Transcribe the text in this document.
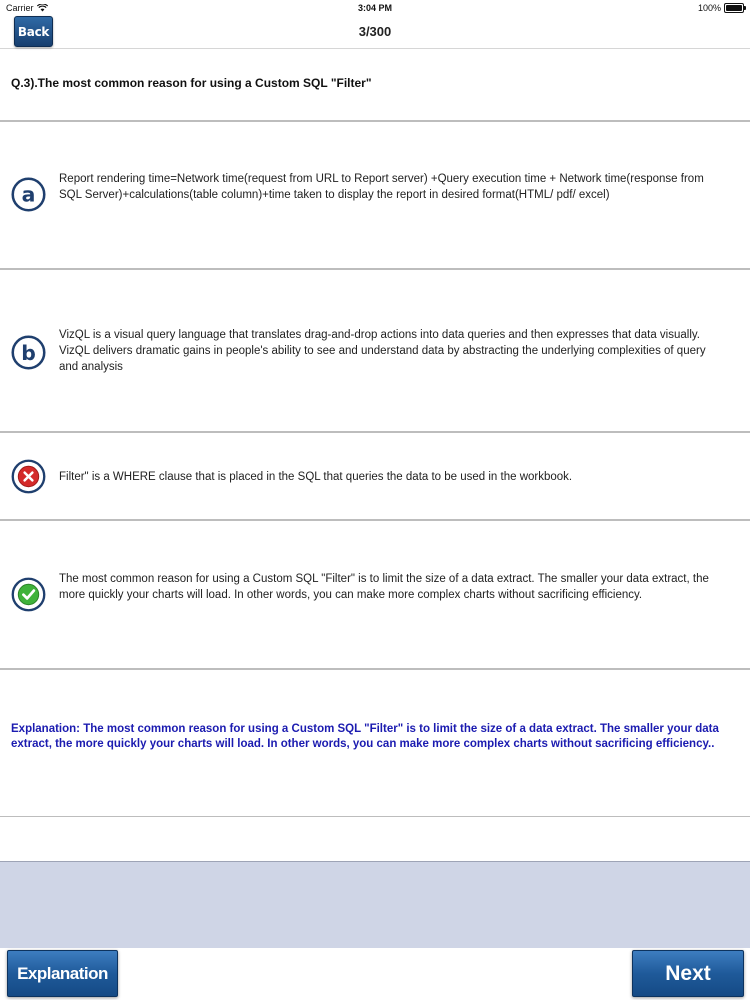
Carrier	3:04 PM	100%
Back	3/300
Q.3).The most common reason for using a Custom SQL "Filter"
a
Report rendering time=Network time(request from URL to Report server) +Query execution time + Network time(response from SQL Server)+calculations(table column)+time taken to display the report in desired format(HTML/ pdf/ excel)
b
VizQL is a visual query language that translates drag-and-drop actions into data queries and then expresses that data visually. VizQL delivers dramatic gains in people's ability to see and understand data by abstracting the underlying complexities of query and analysis
Filter" is a WHERE clause that is placed in the SQL that queries the data to be used in the workbook.
The most common reason for using a Custom SQL "Filter" is to limit the size of a data extract. The smaller your data extract, the more quickly your charts will load. In other words, you can make more complex charts without sacrificing efficiency.
Explanation: The most common reason for using a Custom SQL "Filter" is to limit the size of a data extract. The smaller your data extract, the more quickly your charts will load. In other words, you can make more complex charts without sacrificing efficiency..
Explanation	Next
